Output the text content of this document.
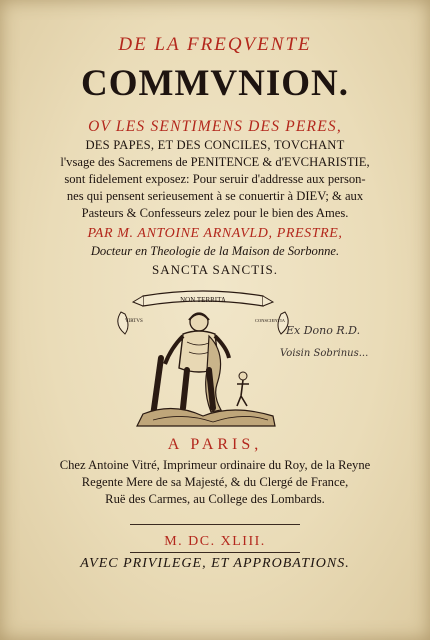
DE LA FREQVENTE
COMMVNION.
OV LES SENTIMENS DES PERES,
DES PAPES, ET DES CONCILES, TOVCHANT
l'vsage des Sacremens de PENITENCE & d'EVCHARISTIE,
sont fidelement exposez: Pour seruir d'addresse aux person-
nes qui pensent serieusement à se conuertir à DIEV; & aux
Pasteurs & Confesseurs zelez pour le bien des Ames.
PAR M. ANTOINE ARNAVLD, PRESTRE,
Docteur en Theologie de la Maison de Sorbonne.
SANCTA SANCTIS.
NON TERRITA
VIRTVS	CONSCIENTIA
Ex Dono R.D.
Voisin Sobrinus...
A PARIS,
Chez Antoine Vitré, Imprimeur ordinaire du Roy, de la Reyne
Regente Mere de sa Majesté, & du Clergé de France,
Ruë des Carmes, au College des Lombards.
M. DC. XLIII.
AVEC PRIVILEGE, ET APPROBATIONS.
